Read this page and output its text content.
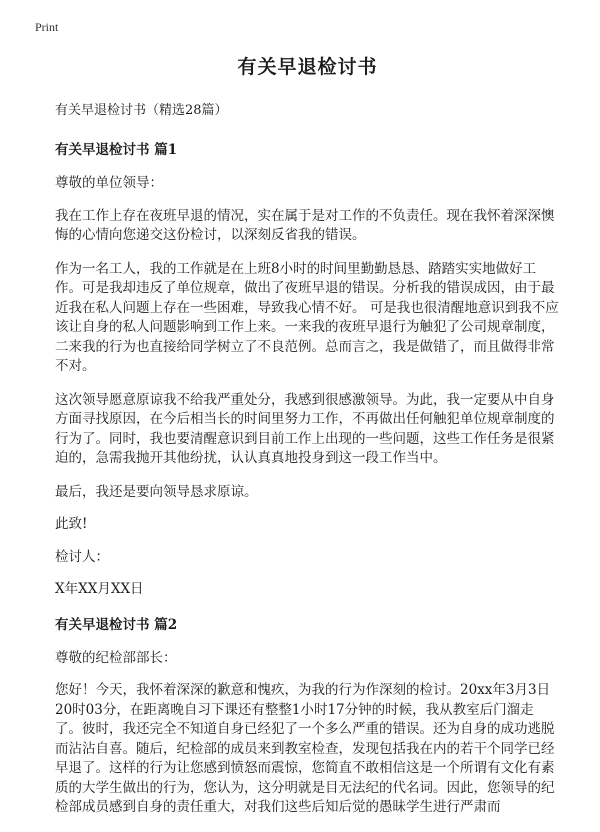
Print
有关早退检讨书
有关早退检讨书（精选28篇）
有关早退检讨书 篇1

尊敬的单位领导：

我在工作上存在夜班早退的情况，实在属于是对工作的不负责任。现在我怀着深深懊悔的心情向您递交这份检讨，以深刻反省我的错误。

作为一名工人，我的工作就是在上班8小时的时间里勤勤恳恳、踏踏实实地做好工作。可是我却违反了单位规章，做出了夜班早退的错误。分析我的错误成因，由于最近我在私人问题上存在一些困难，导致我心情不好。 可是我也很清醒地意识到我不应该让自身的私人问题影响到工作上来。一来我的夜班早退行为触犯了公司规章制度，二来我的行为也直接给同学树立了不良范例。总而言之，我是做错了，而且做得非常不对。

这次领导愿意原谅我不给我严重处分，我感到很感激领导。为此，我一定要从中自身方面寻找原因，在今后相当长的时间里努力工作，不再做出任何触犯单位规章制度的行为了。同时，我也要清醒意识到目前工作上出现的一些问题，这些工作任务是很紧迫的，急需我抛开其他纷扰，认认真真地投身到这一段工作当中。

最后，我还是要向领导恳求原谅。

此致!

检讨人：

X年XX月XX日

有关早退检讨书 篇2

尊敬的纪检部部长：

您好！今天，我怀着深深的歉意和愧疚，为我的行为作深刻的检讨。20xx年3月3日20时03分，在距离晚自习下课还有整整1小时17分钟的时候，我从教室后门溜走了。彼时，我还完全不知道自身已经犯了一个多么严重的错误。还为自身的成功逃脱而沾沾自喜。随后，纪检部的成员来到教室检查，发现包括我在内的若干个同学已经早退了。这样的行为让您感到愤怒而震惊，您简直不敢相信这是一个所谓有文化有素质的大学生做出的行为，您认为，这分明就是目无法纪的代名词。因此，您领导的纪检部成员感到自身的责任重大，对我们这些后知后觉的愚昧学生进行严肃而
